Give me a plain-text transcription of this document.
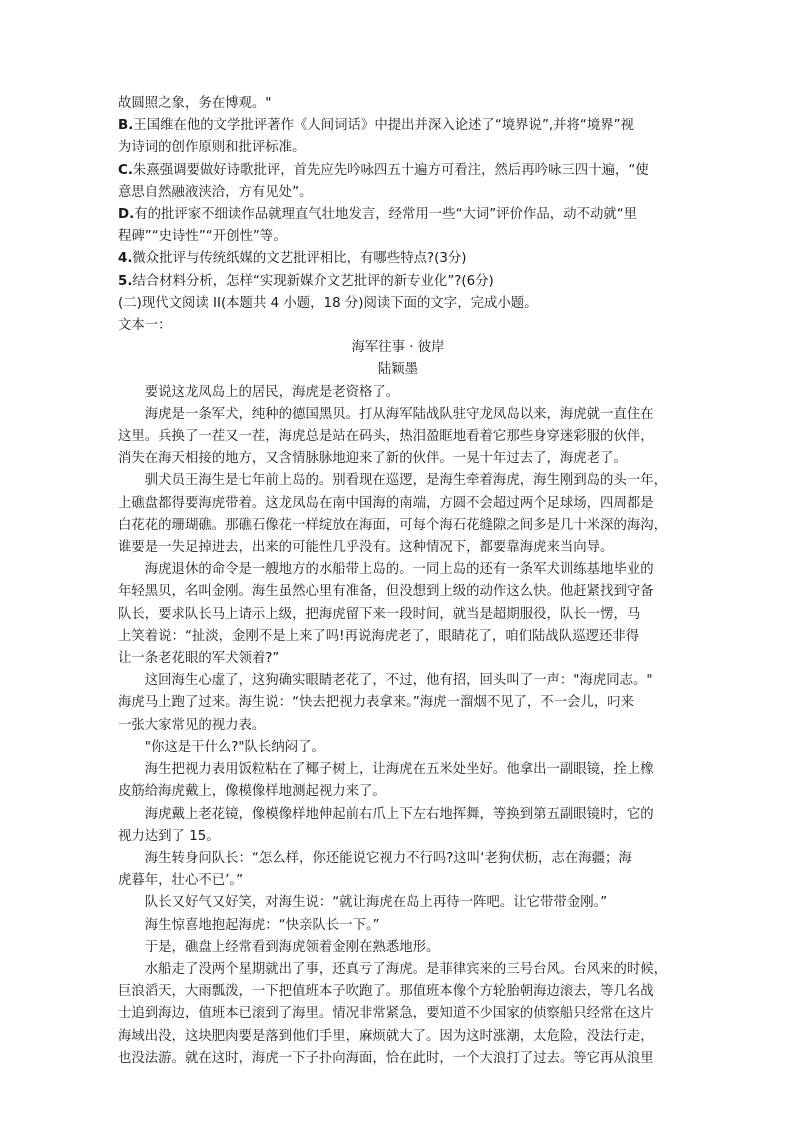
故圆照之象，务在博观。"

B.王国维在他的文学批评著作《人间词话》中提出并深入论述了“境界说”,并将“境界”视

为诗词的创作原则和批评标准。

C.朱熹强调要做好诗歌批评，首先应先吟咏四五十遍方可看注，然后再吟咏三四十遍，“使

意思自然融液浃洽，方有见处”。

D.有的批评家不细读作品就理直气壮地发言，经常用一些“大词”评价作品，动不动就“里

程碑”“史诗性”“开创性”等。

4.微众批评与传统纸媒的文艺批评相比，有哪些特点?(3分)

5.结合材料分析，怎样“实现新媒介文艺批评的新专业化”?(6分)

(二)现代文阅读 II(本题共 4 小题，18 分)阅读下面的文字，完成小题。

文本一：

海军往事 · 彼岸

陆颖墨

　　要说这龙凤岛上的居民，海虎是老资格了。

　　海虎是一条军犬，纯种的德国黑贝。打从海军陆战队驻守龙凤岛以来，海虎就一直住在

这里。兵换了一茬又一茬，海虎总是站在码头，热泪盈眶地看着它那些身穿迷彩服的伙伴，

消失在海天相接的地方，又含情脉脉地迎来了新的伙伴。一晃十年过去了，海虎老了。

　　驯犬员王海生是七年前上岛的。别看现在巡逻，是海生牵着海虎，海生刚到岛的头一年，

上礁盘都得要海虎带着。这龙凤岛在南中国海的南端，方圆不会超过两个足球场，四周都是

白花花的珊瑚礁。那礁石像花一样绽放在海面，可每个海石花缝隙之间多是几十米深的海沟，

谁要是一失足掉进去，出来的可能性几乎没有。这种情况下，都要靠海虎来当向导。

　　海虎退休的命令是一艘地方的水船带上岛的。一同上岛的还有一条军犬训练基地毕业的

年轻黑贝，名叫金刚。海生虽然心里有准备，但没想到上级的动作这么快。他赶紧找到守备

队长，要求队长马上请示上级，把海虎留下来一段时间，就当是超期服役，队长一愣，马

上笑着说：“扯淡，金刚不是上来了吗!再说海虎老了，眼睛花了，咱们陆战队巡逻还非得

让一条老花眼的军犬领着?”

　　这回海生心虚了，这狗确实眼睛老花了，不过，他有招，回头叫了一声："海虎同志。"

海虎马上跑了过来。海生说：“快去把视力表拿来。”海虎一溜烟不见了，不一会儿，叼来

一张大家常见的视力表。

　　"你这是干什么?"队长纳闷了。

　　海生把视力表用饭粒粘在了椰子树上，让海虎在五米处坐好。他拿出一副眼镜，拴上橡

皮筋给海虎戴上，像模像样地测起视力来了。

　　海虎戴上老花镜，像模像样地伸起前右爪上下左右地挥舞，等换到第五副眼镜时，它的

视力达到了 15。

　　海生转身问队长：“怎么样，你还能说它视力不行吗?这叫‘老狗伏枥，志在海疆；海

虎暮年，壮心不已’。”

　　队长又好气又好笑，对海生说：“就让海虎在岛上再待一阵吧。让它带带金刚。”

　　海生惊喜地抱起海虎：“快亲队长一下。”

　　于是，礁盘上经常看到海虎领着金刚在熟悉地形。

　　水船走了没两个星期就出了事，还真亏了海虎。是菲律宾来的三号台风。台风来的时候，

巨浪滔天，大雨瓢泼，一下把值班本子吹跑了。那值班本像个方轮胎朝海边滚去，等几名战

士追到海边，值班本已滚到了海里。情况非常紧急，要知道不少国家的侦察船只经常在这片

海域出没，这块肥肉要是落到他们手里，麻烦就大了。因为这时涨潮，太危险，没法行走，

也没法游。就在这时，海虎一下子扑向海面，恰在此时，一个大浪打了过去。等它再从浪里
